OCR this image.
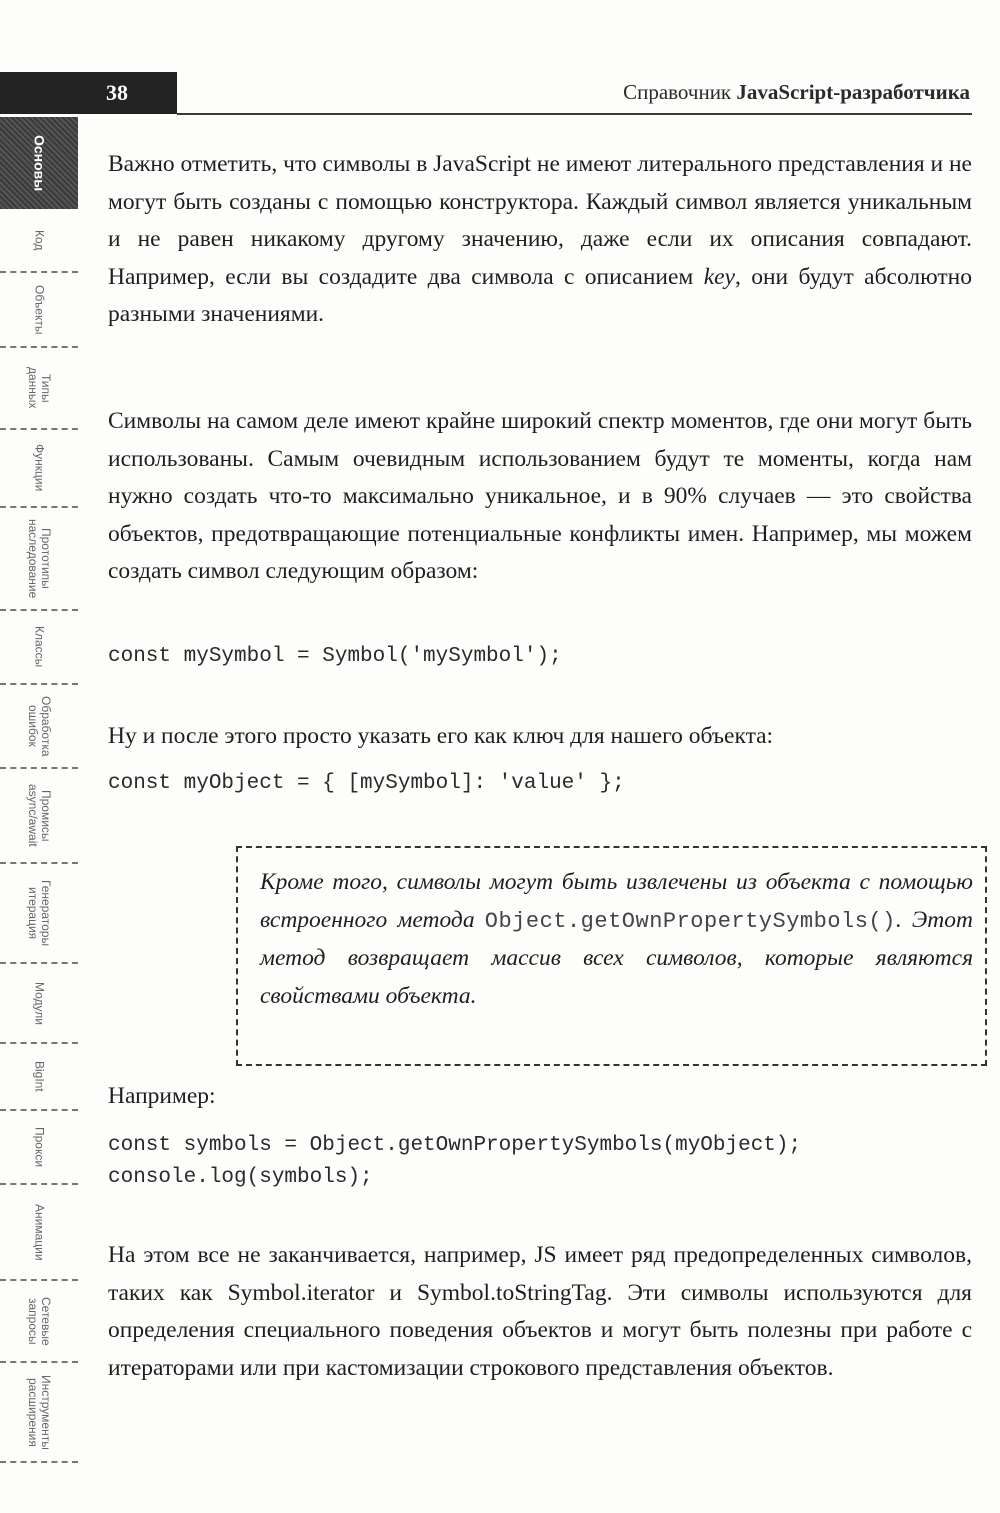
38	Справочник JavaScript-разработчика
Основы
Код
Объекты
Типы
данных
Функции
Прототипы
наследование
Классы
Обработка
ошибок
Промисы
async/await
Генераторы
итерация
Модули
BigInt
Прокси
Анимации
Сетевые
запросы
Инструменты
расширения

Важно отметить, что символы в JavaScript не имеют литерального представления и не могут быть созданы с помощью конструктора. Каждый символ является уникальным и не равен никакому другому значению, даже если их описания совпадают. Например, если вы создадите два символа с описанием key, они будут абсолютно разными значениями.

Символы на самом деле имеют крайне широкий спектр моментов, где они могут быть использованы. Самым очевидным использованием будут те моменты, когда нам нужно создать что-то максимально уникальное, и в 90% случаев — это свойства объектов, предотвращающие потенциальные конфликты имен. Например, мы можем создать символ следующим образом:

const mySymbol = Symbol('mySymbol');

Ну и после этого просто указать его как ключ для нашего объекта:

const myObject = { [mySymbol]: 'value' };

Кроме того, символы могут быть извлечены из объекта с помощью встроенного метода Object.getOwnPropertySymbols(). Этот метод возвращает массив всех символов, которые являются свойствами объекта.

Например:

const symbols = Object.getOwnPropertySymbols(myObject);
console.log(symbols);

На этом все не заканчивается, например, JS имеет ряд предопределенных символов, таких как Symbol.iterator и Symbol.toStringTag. Эти символы используются для определения специального поведения объектов и могут быть полезны при работе с итераторами или при кастомизации строкового представления объектов.
